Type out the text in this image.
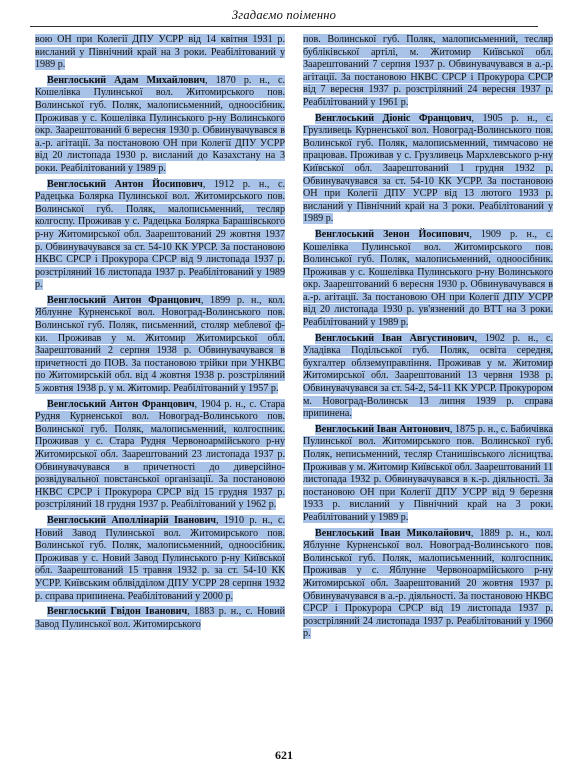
Згадаємо поіменно

вою ОН при Колегії ДПУ УСРР від 14 квітня 1931 р. висланий у Північний край на 3 роки. Реабілітований у 1989 р.

Венглоський Адам Михайлович, 1870 р. н., с. Кошелівка Пулинської вол. Житомирського пов. Волинської губ. Поляк, малописьменний, одноосібник. Проживав у с. Кошелівка Пулинського р-ну Волинського окр. Заарештований 6 вересня 1930 р. Обвинувачувався в а.-р. агітації. За постановою ОН при Колегії ДПУ УСРР від 20 листопада 1930 р. висланий до Казахстану на 3 роки. Реабілітований у 1989 р.

Венглоський Антон Йосипович, 1912 р. н., с. Радецька Болярка Пулинської вол. Житомирського пов. Волинської губ. Поляк, малописьменний, тесляр колгоспу. Проживав у с. Радецька Болярка Барашівського р-ну Житомирської обл. Заарештований 29 жовтня 1937 р. Обвинувачувався за ст. 54-10 КК УРСР. За постановою НКВС СРСР і Прокурора СРСР від 9 листопада 1937 р. розстріляний 16 листопада 1937 р. Реабілітований у 1989 р.

Венглоський Антон Францович, 1899 р. н., кол. Яблунне Курненської вол. Новоград-Волинського пов. Волинської губ. Поляк, письменний, столяр меблевої ф-ки. Проживав у м. Житомир Житомирської обл. Заарештований 2 серпня 1938 р. Обвинувачувався в причетності до ПОВ. За постановою трійки при УНКВС по Житомирській обл. від 4 жовтня 1938 р. розстріляний 5 жовтня 1938 р. у м. Житомир. Реабілітований у 1957 р.

Венглоський Антон Францович, 1904 р. н., с. Стара Рудня Курненської вол. Новоград-Волинського пов. Волинської губ. Поляк, малописьменний, колгоспник. Проживав у с. Стара Рудня Червоноармійського р-ну Житомирської обл. Заарештований 23 листопада 1937 р. Обвинувачувався в причетності до диверсійно-розвідувальної повстанської організації. За постановою НКВС СРСР і Прокурора СРСР від 15 грудня 1937 р. розстріляний 18 грудня 1937 р. Реабілітований у 1962 р.

Венглоський Аполлінарій Іванович, 1910 р. н., с. Новий Завод Пулинської вол. Житомирського пов. Волинської губ. Поляк, малописьменний, одноосібник. Проживав у с. Новий Завод Пулинського р-ну Київської обл. Заарештований 15 травня 1932 р. за ст. 54-10 КК УСРР. Київським облвідділом ДПУ УСРР 28 серпня 1932 р. справа припинена. Реабілітований у 2000 р.

Венглоський Гвідон Іванович, 1883 р. н., с. Новий Завод Пулинської вол. Житомирського

пов. Волинської губ. Поляк, малописьменний, тесляр бубліківської артілі, м. Житомир Київської обл. Заарештований 7 серпня 1937 р. Обвинувачувався в а.-р. агітації. За постановою НКВС СРСР і Прокурора СРСР від 7 вересня 1937 р. розстріляний 24 вересня 1937 р. Реабілітований у 1961 р.

Венглоський Діоніс Францович, 1905 р. н., с. Грузливець Курненської вол. Новоград-Волинського пов. Волинської губ. Поляк, малописьменний, тимчасово не працював. Проживав у с. Грузливець Мархлевського р-ну Київської обл. Заарештований 1 грудня 1932 р. Обвинувачувався за ст. 54-10 КК УСРР. За постановою ОН при Колегії ДПУ УСРР від 13 лютого 1933 р. висланий у Північний край на 3 роки. Реабілітований у 1989 р.

Венглоський Зенон Йосипович, 1909 р. н., с. Кошелівка Пулинської вол. Житомирського пов. Волинської губ. Поляк, малописьменний, одноосібник. Проживав у с. Кошелівка Пулинського р-ну Волинського окр. Заарештований 6 вересня 1930 р. Обвинувачувався в а.-р. агітації. За постановою ОН при Колегії ДПУ УСРР від 20 листопада 1930 р. ув'язнений до ВТТ на 3 роки. Реабілітований у 1989 р.

Венглоський Іван Августинович, 1902 р. н., с. Уладівка Подільської губ. Поляк, освіта середня, бухгалтер облземуправління. Проживав у м. Житомир Житомирської обл. Заарештований 13 червня 1938 р. Обвинувачувався за ст. 54-2, 54-11 КК УРСР. Прокурором м. Новоград-Волинськ 13 липня 1939 р. справа припинена.

Венглоський Іван Антонович, 1875 р. н., с. Бабичівка Пулинської вол. Житомирського пов. Волинської губ. Поляк, неписьменний, тесляр Станишівського лісництва. Проживав у м. Житомир Київської обл. Заарештований 11 листопада 1932 р. Обвинувачувався в к.-р. діяльності. За постановою ОН при Колегії ДПУ УСРР від 9 березня 1933 р. висланий у Північний край на 3 роки. Реабілітований у 1989 р.

Венглоський Іван Миколайович, 1889 р. н., кол. Яблунне Курненської вол. Новоград-Волинського пов. Волинської губ. Поляк, малописьменний, колгоспник. Проживав у с. Яблунне Червоноармійського р-ну Житомирської обл. Заарештований 20 жовтня 1937 р. Обвинувачувався в а.-р. діяльності. За постановою НКВС СРСР і Прокурора СРСР від 19 листопада 1937 р. розстріляний 24 листопада 1937 р. Реабілітований у 1960 р.

621
